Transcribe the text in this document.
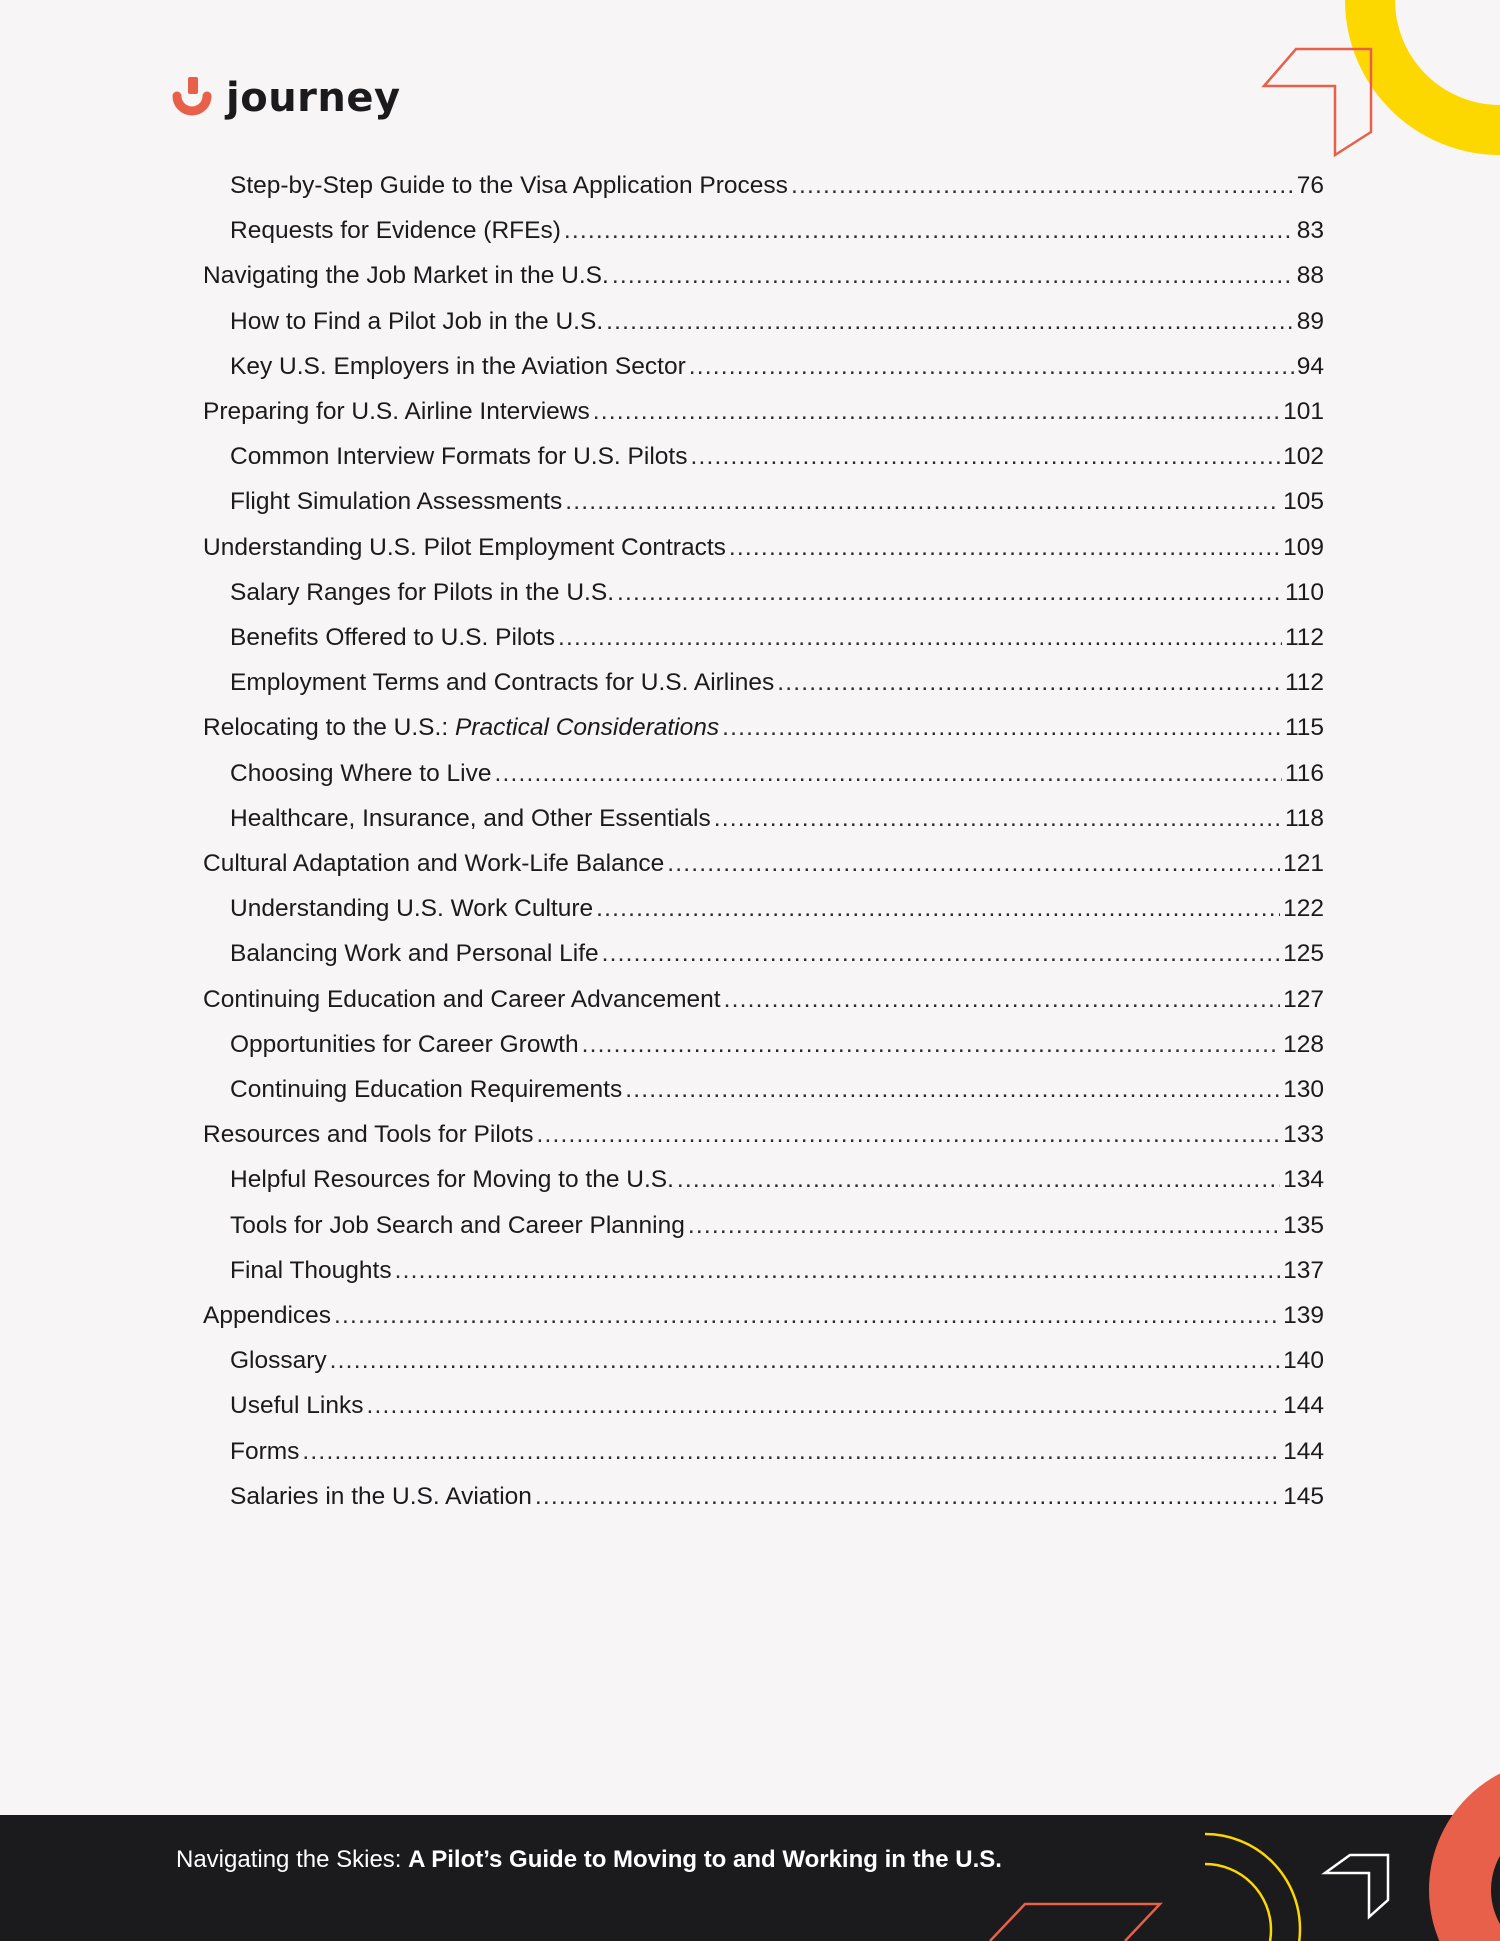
journey
Step-by-Step Guide to the Visa Application Process .....	76
Requests for Evidence (RFEs) .....	83
Navigating the Job Market in the U.S. .....	88
How to Find a Pilot Job in the U.S. .....	89
Key U.S. Employers in the Aviation Sector .....	94
Preparing for U.S. Airline Interviews .....	101
Common Interview Formats for U.S. Pilots .....	102
Flight Simulation Assessments .....	105
Understanding U.S. Pilot Employment Contracts .....	109
Salary Ranges for Pilots in the U.S. .....	110
Benefits Offered to U.S. Pilots .....	112
Employment Terms and Contracts for U.S. Airlines .....	112
Relocating to the U.S.: Practical Considerations .....	115
Choosing Where to Live .....	116
Healthcare, Insurance, and Other Essentials .....	118
Cultural Adaptation and Work-Life Balance .....	121
Understanding U.S. Work Culture .....	122
Balancing Work and Personal Life .....	125
Continuing Education and Career Advancement .....	127
Opportunities for Career Growth .....	128
Continuing Education Requirements .....	130
Resources and Tools for Pilots .....	133
Helpful Resources for Moving to the U.S. .....	134
Tools for Job Search and Career Planning .....	135
Final Thoughts .....	137
Appendices .....	139
Glossary .....	140
Useful Links .....	144
Forms .....	144
Salaries in the U.S. Aviation .....	145
Navigating the Skies: A Pilot’s Guide to Moving to and Working in the U.S.
